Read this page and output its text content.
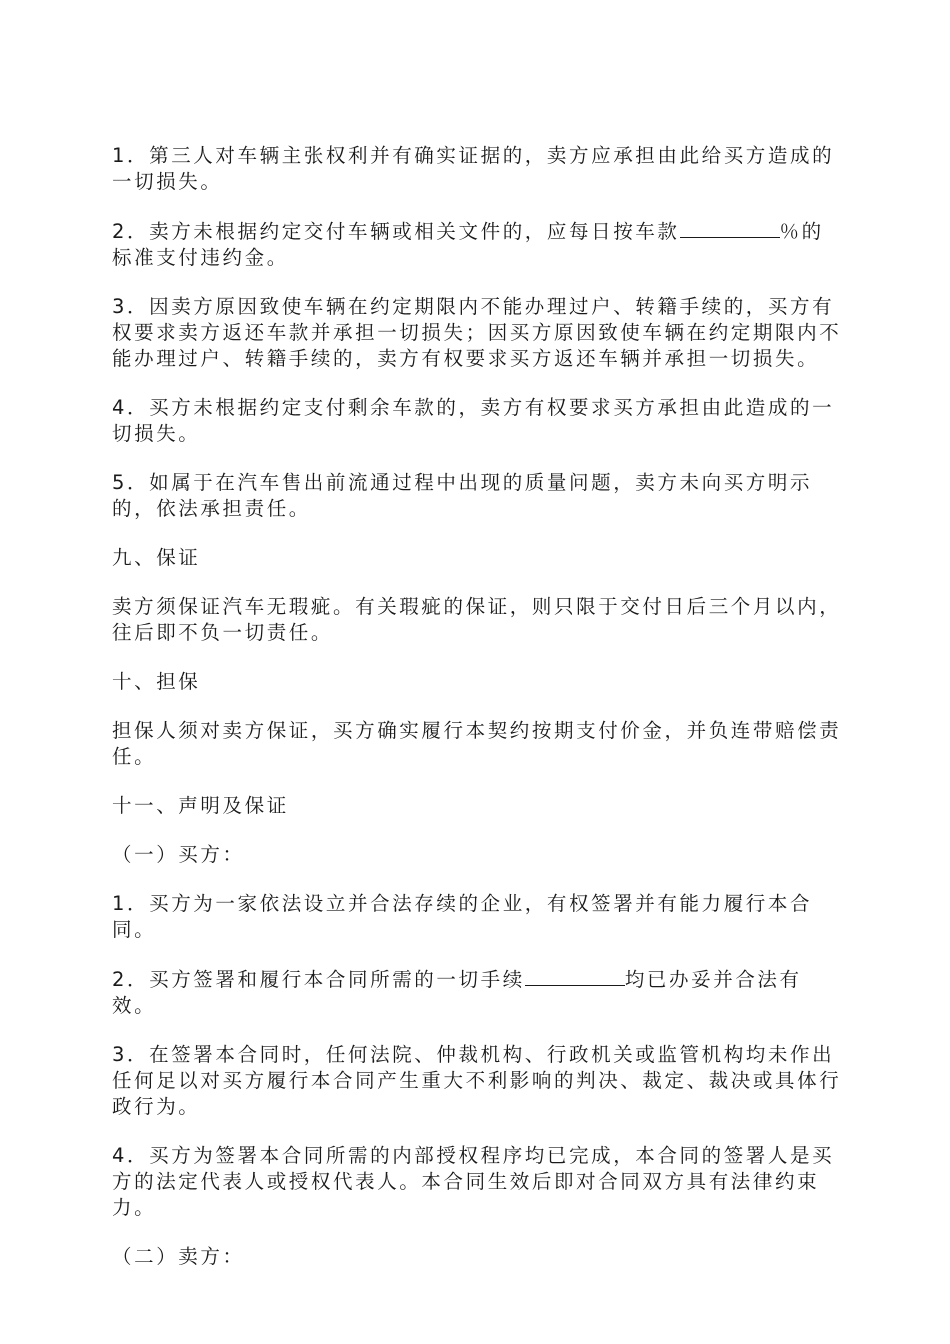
1．第三人对车辆主张权利并有确实证据的，卖方应承担由此给买方造成的一切损失。

2．卖方未根据约定交付车辆或相关文件的，应每日按车款	％的标准支付违约金。

3．因卖方原因致使车辆在约定期限内不能办理过户、转籍手续的，买方有权要求卖方返还车款并承担一切损失；因买方原因致使车辆在约定期限内不能办理过户、转籍手续的，卖方有权要求买方返还车辆并承担一切损失。

4．买方未根据约定支付剩余车款的，卖方有权要求买方承担由此造成的一切损失。

5．如属于在汽车售出前流通过程中出现的质量问题，卖方未向买方明示的，依法承担责任。

九、保证

卖方须保证汽车无瑕疵。有关瑕疵的保证，则只限于交付日后三个月以内，往后即不负一切责任。

十、担保

担保人须对卖方保证，买方确实履行本契约按期支付价金，并负连带赔偿责任。

十一、声明及保证

（一）买方：

1．买方为一家依法设立并合法存续的企业，有权签署并有能力履行本合同。

2．买方签署和履行本合同所需的一切手续	均已办妥并合法有效。

3．在签署本合同时，任何法院、仲裁机构、行政机关或监管机构均未作出任何足以对买方履行本合同产生重大不利影响的判决、裁定、裁决或具体行政行为。

4．买方为签署本合同所需的内部授权程序均已完成，本合同的签署人是买方的法定代表人或授权代表人。本合同生效后即对合同双方具有法律约束力。

（二）卖方：
